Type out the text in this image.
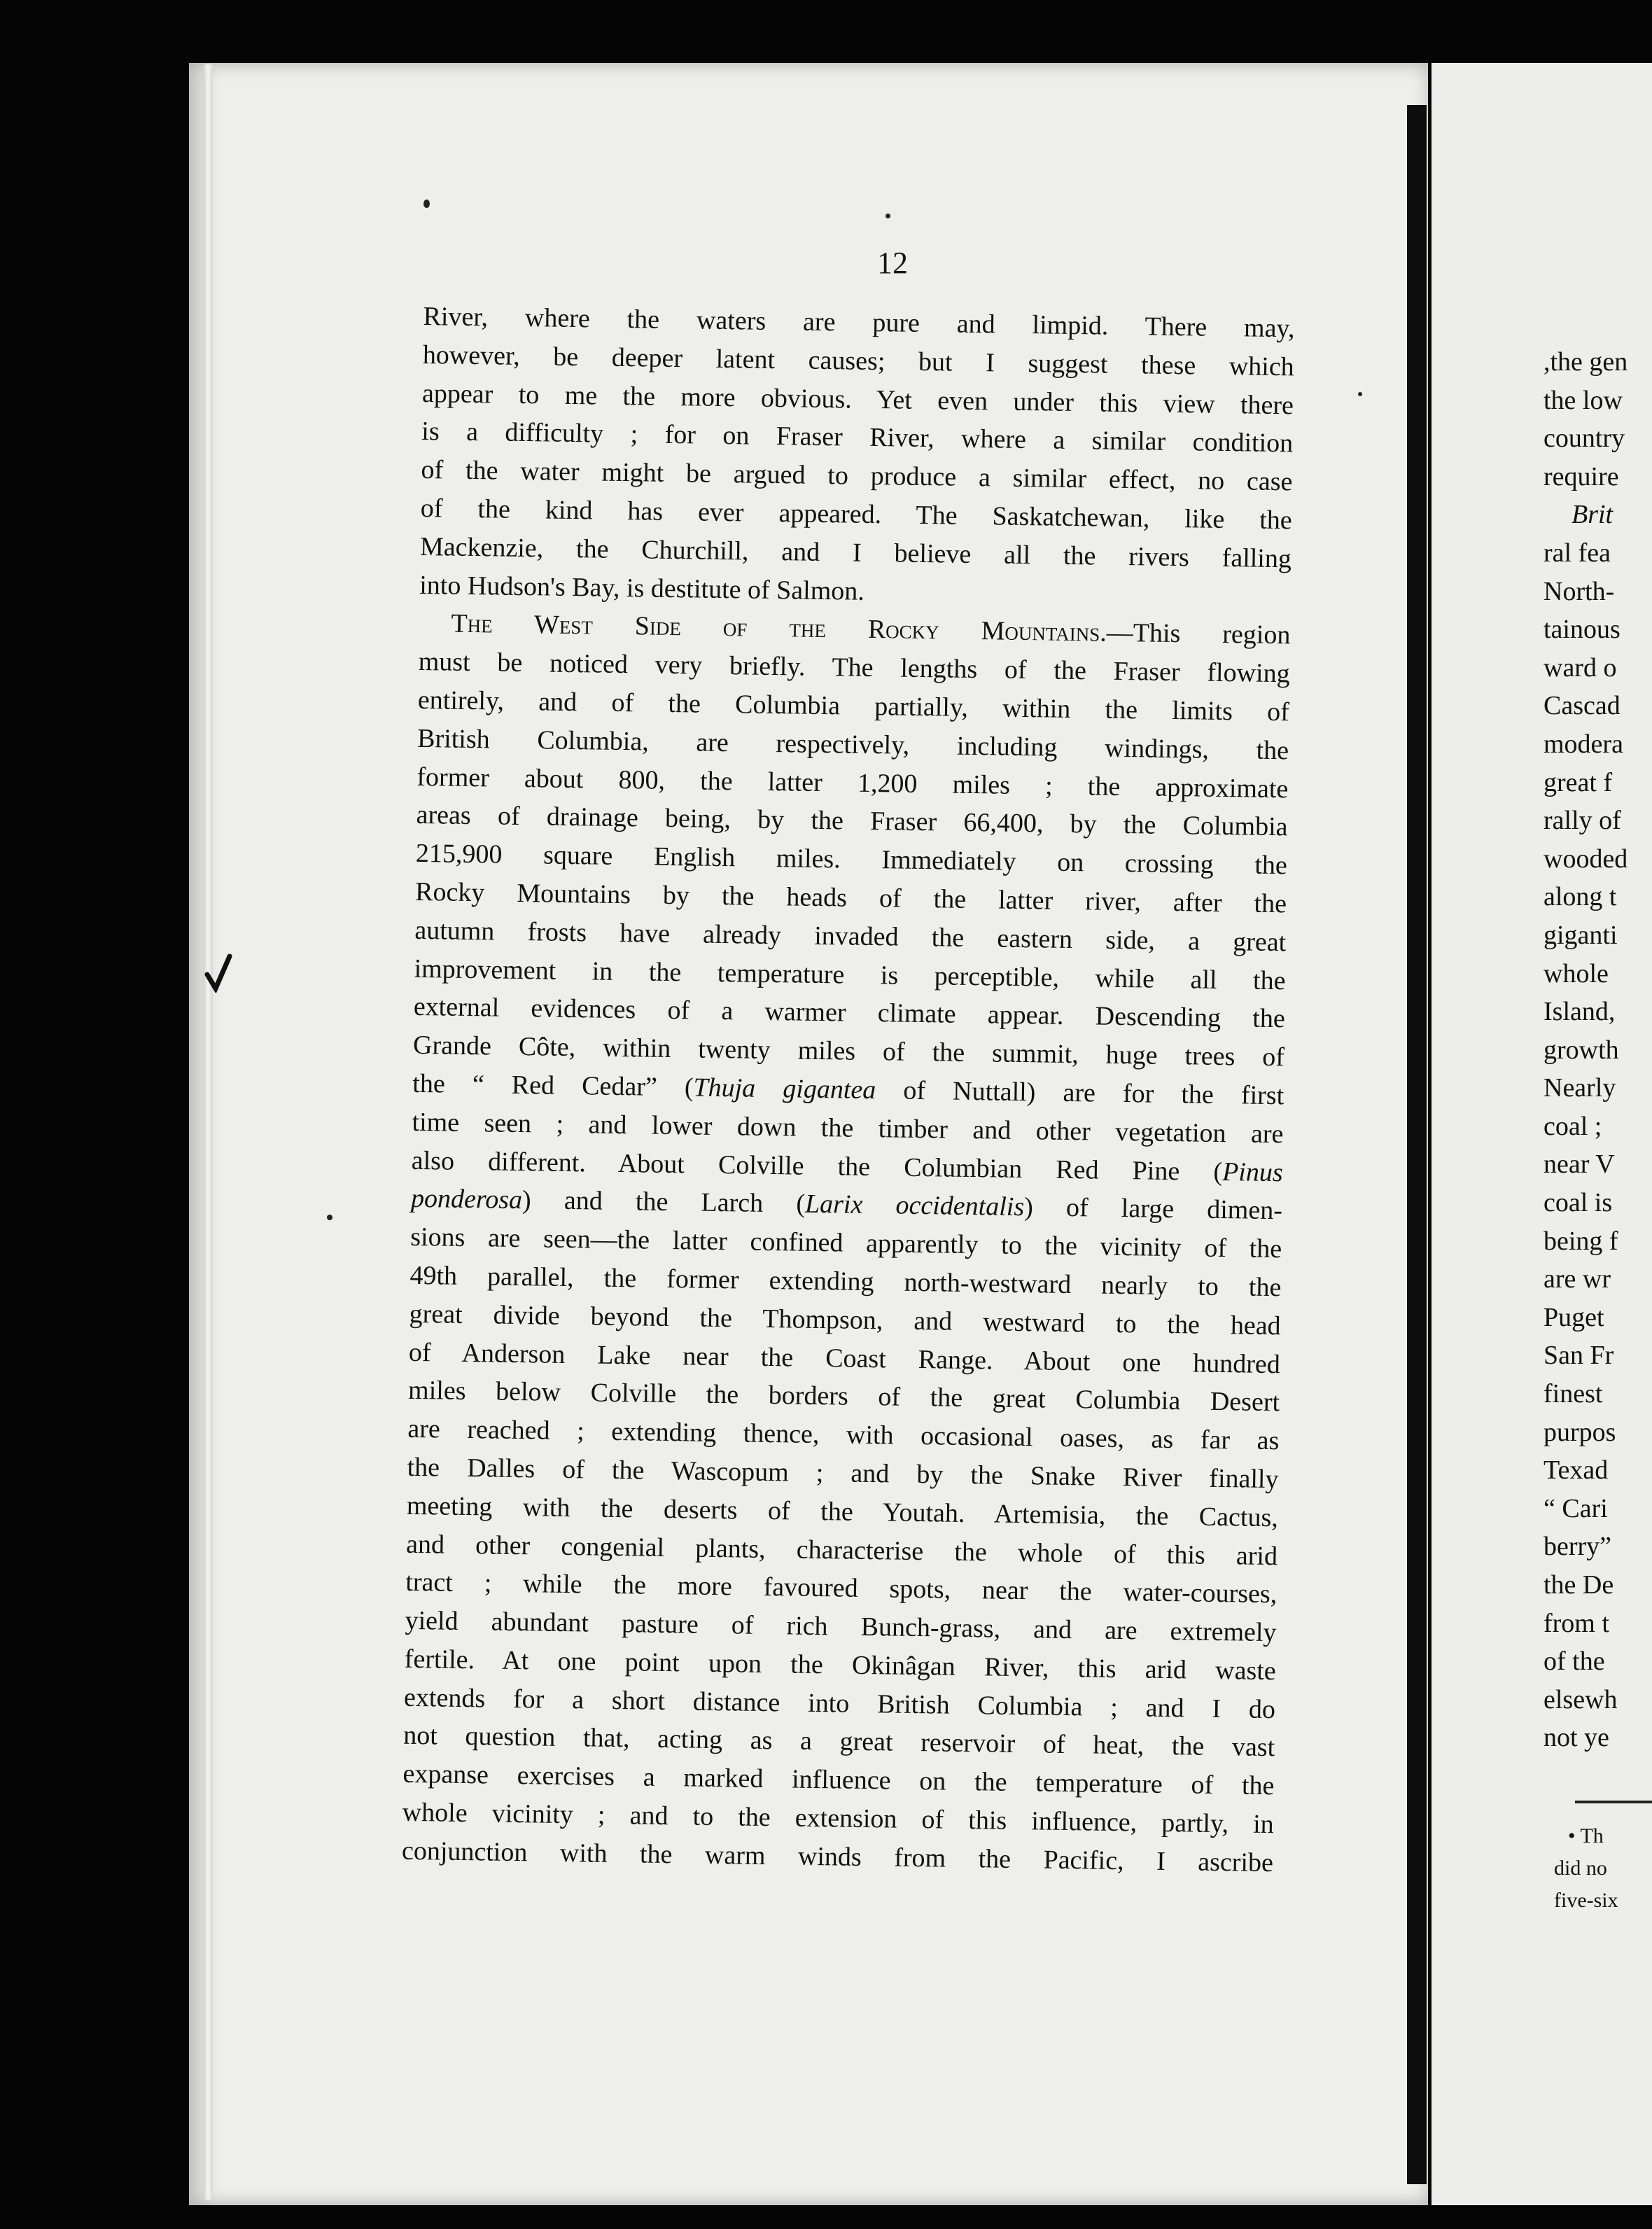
12
River, where the waters are pure and limpid. There may,
however, be deeper latent causes; but I suggest these which
appear to me the more obvious. Yet even under this view there
is a difficulty ; for on Fraser River, where a similar condition
of the water might be argued to produce a similar effect, no case
of the kind has ever appeared. The Saskatchewan, like the
Mackenzie, the Churchill, and I believe all the rivers falling
into Hudson's Bay, is destitute of Salmon.
The West Side of the Rocky Mountains.—This region
must be noticed very briefly. The lengths of the Fraser flowing
entirely, and of the Columbia partially, within the limits of
British Columbia, are respectively, including windings, the
former about 800, the latter 1,200 miles ; the approximate
areas of drainage being, by the Fraser 66,400, by the Columbia
215,900 square English miles. Immediately on crossing the
Rocky Mountains by the heads of the latter river, after the
autumn frosts have already invaded the eastern side, a great
improvement in the temperature is perceptible, while all the
external evidences of a warmer climate appear. Descending the
Grande Côte, within twenty miles of the summit, huge trees of
the “ Red Cedar” (Thuja gigantea of Nuttall) are for the first
time seen ; and lower down the timber and other vegetation are
also different. About Colville the Columbian Red Pine (Pinus
ponderosa) and the Larch (Larix occidentalis) of large dimen-
sions are seen—the latter confined apparently to the vicinity of the
49th parallel, the former extending north-westward nearly to the
great divide beyond the Thompson, and westward to the head
of Anderson Lake near the Coast Range. About one hundred
miles below Colville the borders of the great Columbia Desert
are reached ; extending thence, with occasional oases, as far as
the Dalles of the Wascopum ; and by the Snake River finally
meeting with the deserts of the Youtah. Artemisia, the Cactus,
and other congenial plants, characterise the whole of this arid
tract ; while the more favoured spots, near the water-courses,
yield abundant pasture of rich Bunch-grass, and are extremely
fertile. At one point upon the Okinâgan River, this arid waste
extends for a short distance into British Columbia ; and I do
not question that, acting as a great reservoir of heat, the vast
expanse exercises a marked influence on the temperature of the
whole vicinity ; and to the extension of this influence, partly, in
conjunction with the warm winds from the Pacific, I ascribe
,the gen
the low
country
require
Brit
ral fea
North-
tainous
ward o
Cascad
modera
great f
rally of
wooded
along t
giganti
whole
Island,
growth
Nearly
coal ;
near V
coal is
being f
are wr
Puget
San Fr
finest
purpos
Texad
“ Cari
berry”
the De
from t
of the
elsewh
not ye
• Th
did no
five-six
